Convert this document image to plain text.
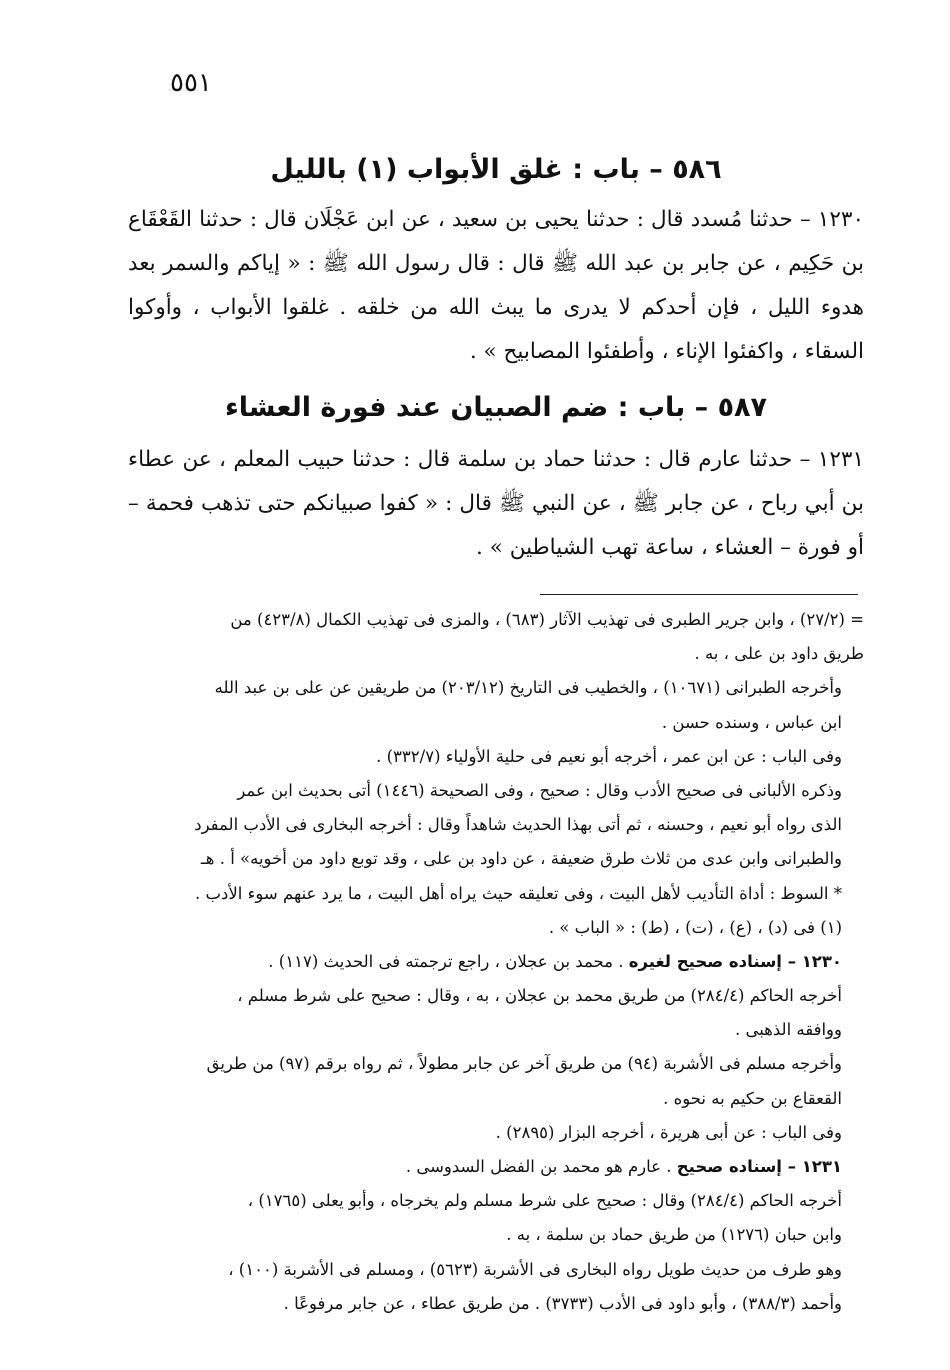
٥٥١
٥٨٦ – باب : غلق الأبواب (١) بالليل

١٢٣٠ – حدثنا مُسدد قال : حدثنا يحيى بن سعيد ، عن ابن عَجْلَان قال : حدثنا القَعْقَاع بن حَكِيم ، عن جابر بن عبد الله ﷺ قال : قال رسول الله ﷺ : « إياكم والسمر بعد هدوء الليل ، فإن أحدكم لا يدرى ما يبث الله من خلقه . غلقوا الأبواب ، وأوكوا السقاء ، واكفئوا الإناء ، وأطفئوا المصابيح » .

٥٨٧ – باب : ضم الصبيان عند فورة العشاء

١٢٣١ – حدثنا عارم قال : حدثنا حماد بن سلمة قال : حدثنا حبيب المعلم ، عن عطاء بن أبي رباح ، عن جابر ﷺ ، عن النبي ﷺ قال : « كفوا صبيانكم حتى تذهب فحمة – أو فورة – العشاء ، ساعة تهب الشياطين » .

= (٢٧/٢) ، وابن جرير الطبرى فى تهذيب الآثار (٦٨٣) ، والمزى فى تهذيب الكمال (٤٢٣/٨) من
طريق داود بن على ، به .
وأخرجه الطبرانى (١٠٦٧١) ، والخطيب فى التاريخ (٢٠٣/١٢) من طريقين عن على بن عبد الله
ابن عباس ، وسنده حسن .
وفى الباب : عن ابن عمر ، أخرجه أبو نعيم فى حلية الأولياء (٣٣٢/٧) .
وذكره الألبانى فى صحيح الأدب وقال : صحيح ، وفى الصحيحة (١٤٤٦) أتى بحديث ابن عمر
الذى رواه أبو نعيم ، وحسنه ، ثم أتى بهذا الحديث شاهداً وقال : أخرجه البخارى فى الأدب المفرد
والطبرانى وابن عدى من ثلاث طرق ضعيفة ، عن داود بن على ، وقد توبع داود من أخويه» أ . هـ
* السوط : أداة التأديب لأهل البيت ، وفى تعليقه حيث يراه أهل البيت ، ما يرد عنهم سوء الأدب .
(١) فى (د) ، (ع) ، (ت) ، (ط) : « الباب » .
١٢٣٠ – إسناده صحيح لغيره . محمد بن عجلان ، راجع ترجمته فى الحديث (١١٧) .
أخرجه الحاكم (٢٨٤/٤) من طريق محمد بن عجلان ، به ، وقال : صحيح على شرط مسلم ،
ووافقه الذهبى .
وأخرجه مسلم فى الأشربة (٩٤) من طريق آخر عن جابر مطولاً ، ثم رواه برقم (٩٧) من طريق
القعقاع بن حكيم به نحوه .
وفى الباب : عن أبى هريرة ، أخرجه البزار (٢٨٩٥) .
١٢٣١ – إسناده صحيح . عارم هو محمد بن الفضل السدوسى .
أخرجه الحاكم (٢٨٤/٤) وقال : صحيح على شرط مسلم ولم يخرجاه ، وأبو يعلى (١٧٦٥) ،
وابن حبان (١٢٧٦) من طريق حماد بن سلمة ، به .
وهو طرف من حديث طويل رواه البخارى فى الأشربة (٥٦٢٣) ، ومسلم فى الأشربة (١٠٠) ،
وأحمد (٣٨٨/٣) ، وأبو داود فى الأدب (٣٧٣٣) . من طريق عطاء ، عن جابر مرفوعًا .
